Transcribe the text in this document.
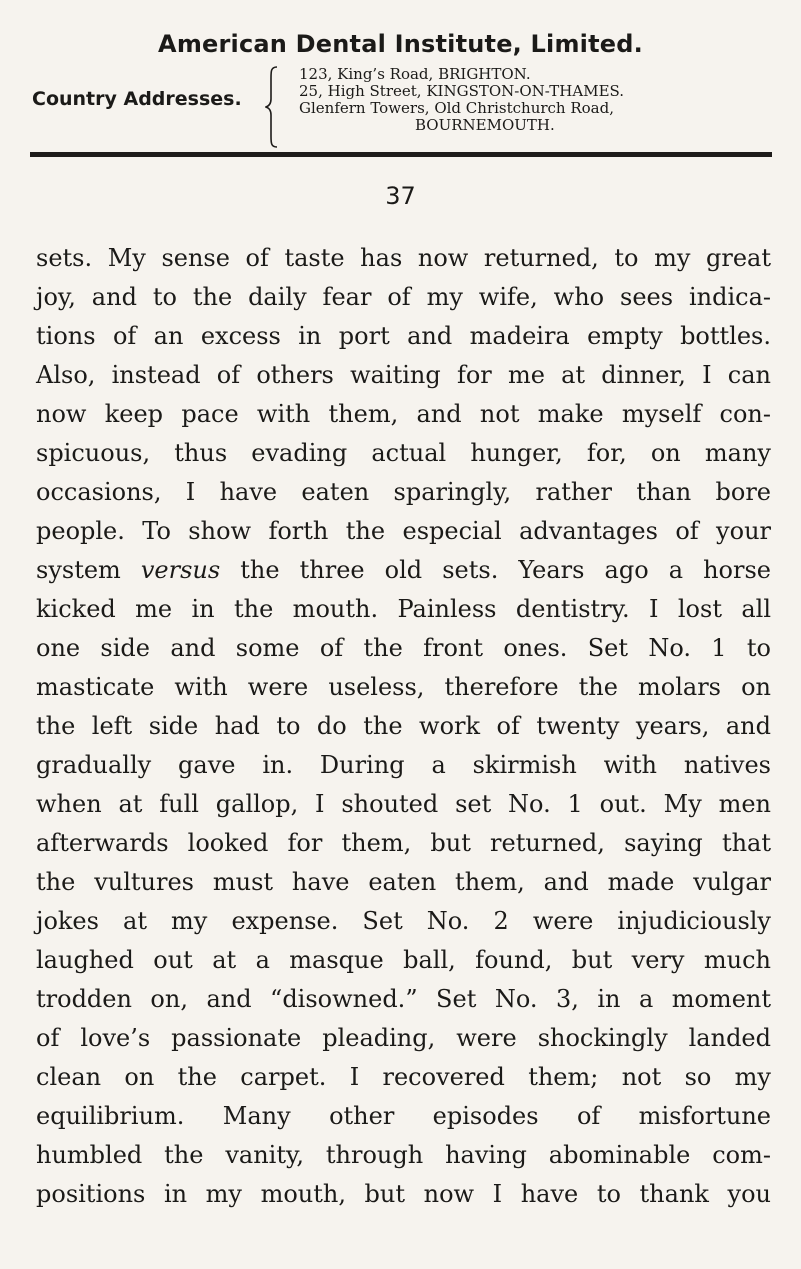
American Dental Institute, Limited.
Country Addresses.
123, King’s Road, BRIGHTON.
25, High Street, KINGSTON-ON-THAMES.
Glenfern Towers, Old Christchurch Road,
BOURNEMOUTH.
37
sets. My sense of taste has now returned, to my great
joy, and to the daily fear of my wife, who sees indica-
tions of an excess in port and madeira empty bottles.
Also, instead of others waiting for me at dinner, I can
now keep pace with them, and not make myself con-
spicuous, thus evading actual hunger, for, on many
occasions, I have eaten sparingly, rather than bore
people. To show forth the especial advantages of your
system versus the three old sets. Years ago a horse
kicked me in the mouth. Painless dentistry. I lost all
one side and some of the front ones. Set No. 1 to
masticate with were useless, therefore the molars on
the left side had to do the work of twenty years, and
gradually gave in. During a skirmish with natives
when at full gallop, I shouted set No. 1 out. My men
afterwards looked for them, but returned, saying that
the vultures must have eaten them, and made vulgar
jokes at my expense. Set No. 2 were injudiciously
laughed out at a masque ball, found, but very much
trodden on, and “disowned.” Set No. 3, in a moment
of love’s passionate pleading, were shockingly landed
clean on the carpet. I recovered them; not so my
equilibrium. Many other episodes of misfortune
humbled the vanity, through having abominable com-
positions in my mouth, but now I have to thank you
